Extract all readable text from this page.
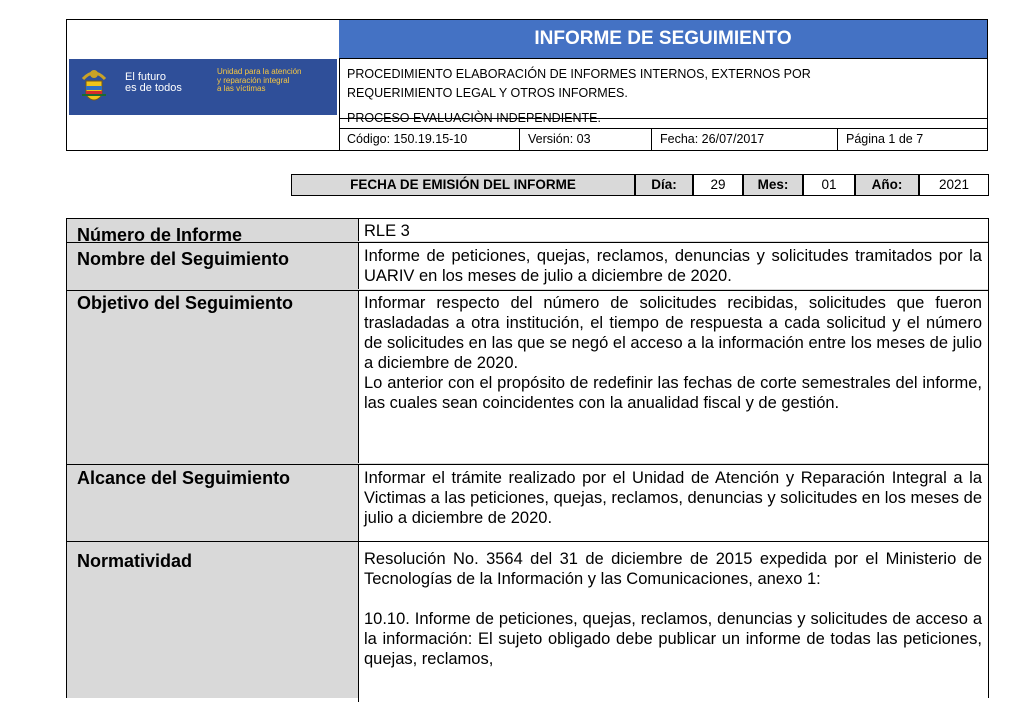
El futuro
es de todos
Unidad para la atención
y reparación integral
a las víctimas
INFORME DE SEGUIMIENTO
PROCEDIMIENTO ELABORACIÓN DE INFORMES INTERNOS, EXTERNOS POR
REQUERIMIENTO LEGAL Y OTROS INFORMES.
PROCESO EVALUACIÒN INDEPENDIENTE.
Código: 150.19.15-10	Versión: 03	Fecha: 26/07/2017	Página 1 de 7
FECHA DE EMISIÓN DEL INFORME	Día:	29	Mes:	01	Año:	2021
Número de Informe	RLE 3
Nombre del Seguimiento	Informe de peticiones, quejas, reclamos, denuncias y solicitudes tramitados por la UARIV en los meses de julio a diciembre de 2020.
Objetivo del Seguimiento	Informar respecto del número de solicitudes recibidas, solicitudes que fueron trasladadas a otra institución, el tiempo de respuesta a cada solicitud y el número de solicitudes en las que se negó el acceso a la información entre los meses de julio a diciembre de 2020.

Lo anterior con el propósito de redefinir las fechas de corte semestrales del informe, las cuales sean coincidentes con la anualidad fiscal y de gestión.

Alcance del Seguimiento	Informar el trámite realizado por el Unidad de Atención y Reparación Integral a la Victimas a las peticiones, quejas, reclamos, denuncias y solicitudes en los meses de julio a diciembre de 2020.
Normatividad	Resolución No. 3564 del 31 de diciembre de 2015 expedida por el Ministerio de Tecnologías de la Información y las Comunicaciones, anexo 1:

10.10. Informe de peticiones, quejas, reclamos, denuncias y solicitudes de acceso a la información: El sujeto obligado debe publicar un informe de todas las peticiones, quejas, reclamos,
